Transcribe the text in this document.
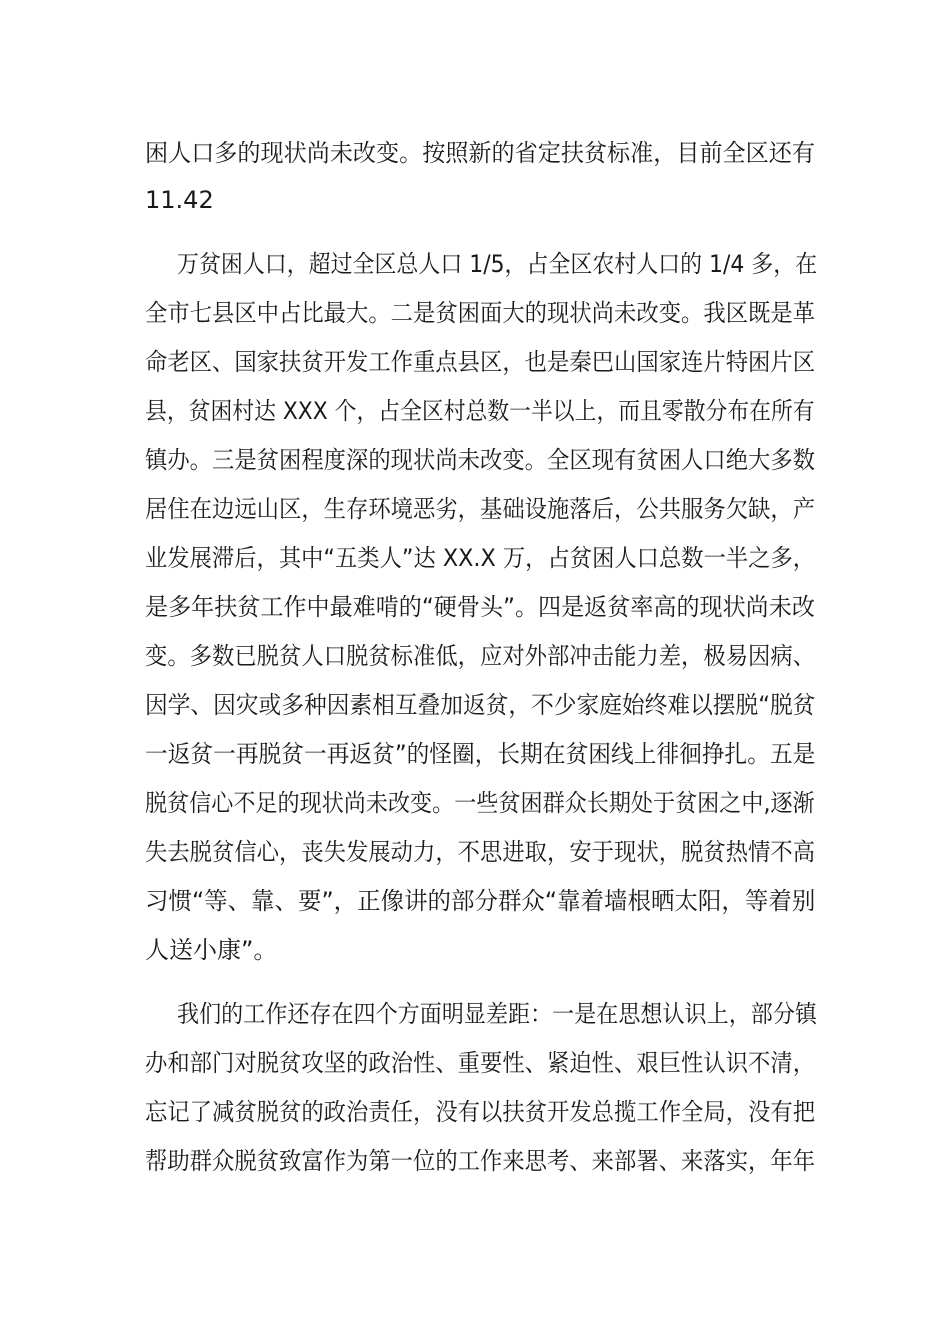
困人口多的现状尚未改变。按照新的省定扶贫标准，目前全区还有
11.42
万贫困人口，超过全区总人口 1/5，占全区农村人口的 1/4 多，在
全市七县区中占比最大。二是贫困面大的现状尚未改变。我区既是革
命老区、国家扶贫开发工作重点县区，也是秦巴山国家连片特困片区
县，贫困村达 XXX 个，占全区村总数一半以上，而且零散分布在所有
镇办。三是贫困程度深的现状尚未改变。全区现有贫困人口绝大多数
居住在边远山区，生存环境恶劣，基础设施落后，公共服务欠缺，产
业发展滞后，其中“五类人”达 XX.X 万，占贫困人口总数一半之多，
是多年扶贫工作中最难啃的“硬骨头”。四是返贫率高的现状尚未改
变。多数已脱贫人口脱贫标准低，应对外部冲击能力差，极易因病、
因学、因灾或多种因素相互叠加返贫，不少家庭始终难以摆脱“脱贫
一返贫一再脱贫一再返贫”的怪圈，长期在贫困线上徘徊挣扎。五是
脱贫信心不足的现状尚未改变。一些贫困群众长期处于贫困之中,逐渐
失去脱贫信心，丧失发展动力，不思进取，安于现状，脱贫热情不高
习惯“等、靠、要”，正像讲的部分群众“靠着墙根晒太阳，等着别
人送小康”。
我们的工作还存在四个方面明显差距：一是在思想认识上，部分镇
办和部门对脱贫攻坚的政治性、重要性、紧迫性、艰巨性认识不清，
忘记了减贫脱贫的政治责任，没有以扶贫开发总揽工作全局，没有把
帮助群众脱贫致富作为第一位的工作来思考、来部署、来落实，年年
